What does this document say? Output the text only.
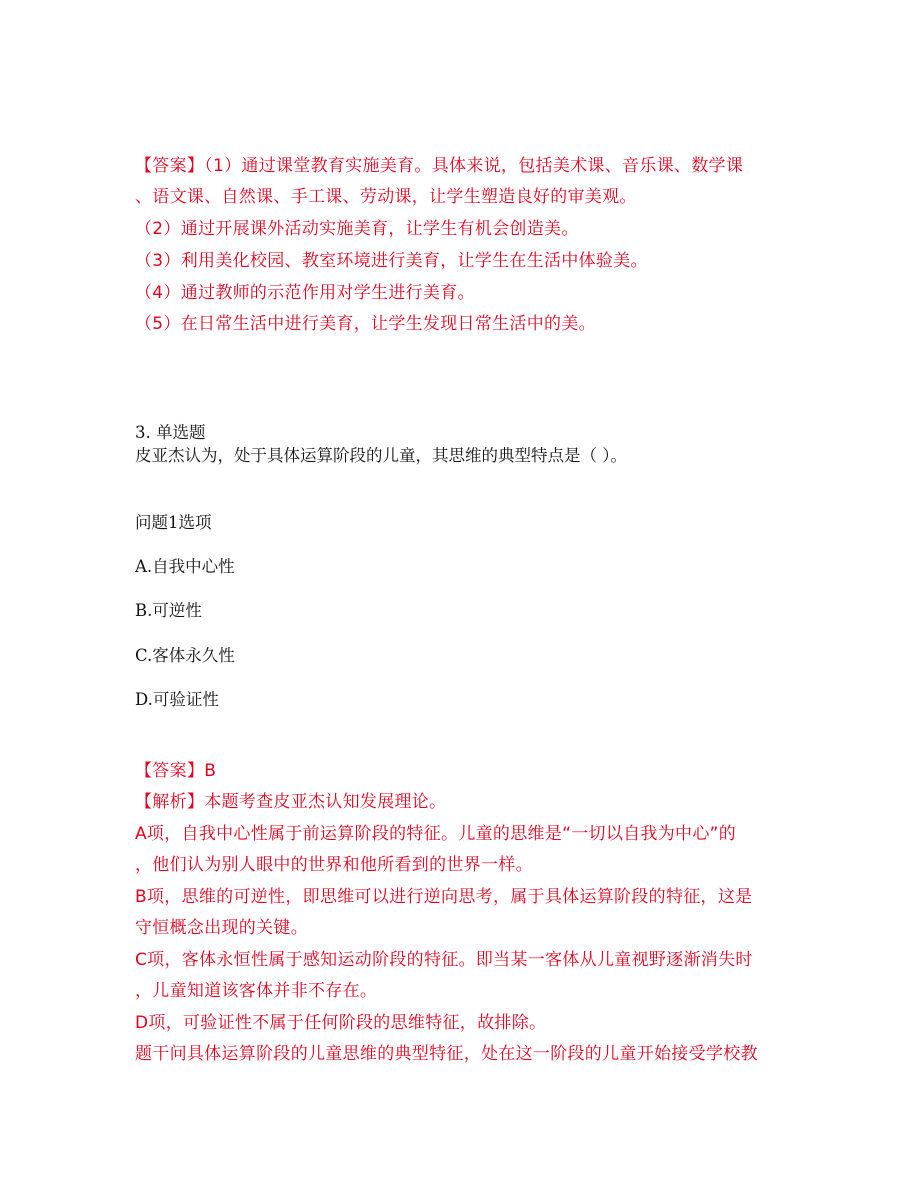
【答案】（1）通过课堂教育实施美育。具体来说，包括美术课、音乐课、数学课
、语文课、自然课、手工课、劳动课，让学生塑造良好的审美观。
（2）通过开展课外活动实施美育，让学生有机会创造美。
（3）利用美化校园、教室环境进行美育，让学生在生活中体验美。
（4）通过教师的示范作用对学生进行美育。
（5）在日常生活中进行美育，让学生发现日常生活中的美。
3. 单选题
皮亚杰认为，处于具体运算阶段的儿童，其思维的典型特点是（ ）。
问题1选项
A.自我中心性
B.可逆性
C.客体永久性
D.可验证性
【答案】B
【解析】本题考查皮亚杰认知发展理论。
A项，自我中心性属于前运算阶段的特征。儿童的思维是“一切以自我为中心”的
，他们认为别人眼中的世界和他所看到的世界一样。
B项，思维的可逆性，即思维可以进行逆向思考，属于具体运算阶段的特征，这是
守恒概念出现的关键。
C项，客体永恒性属于感知运动阶段的特征。即当某一客体从儿童视野逐渐消失时
，儿童知道该客体并非不存在。
D项，可验证性不属于任何阶段的思维特征，故排除。
题干问具体运算阶段的儿童思维的典型特征，处在这一阶段的儿童开始接受学校教
